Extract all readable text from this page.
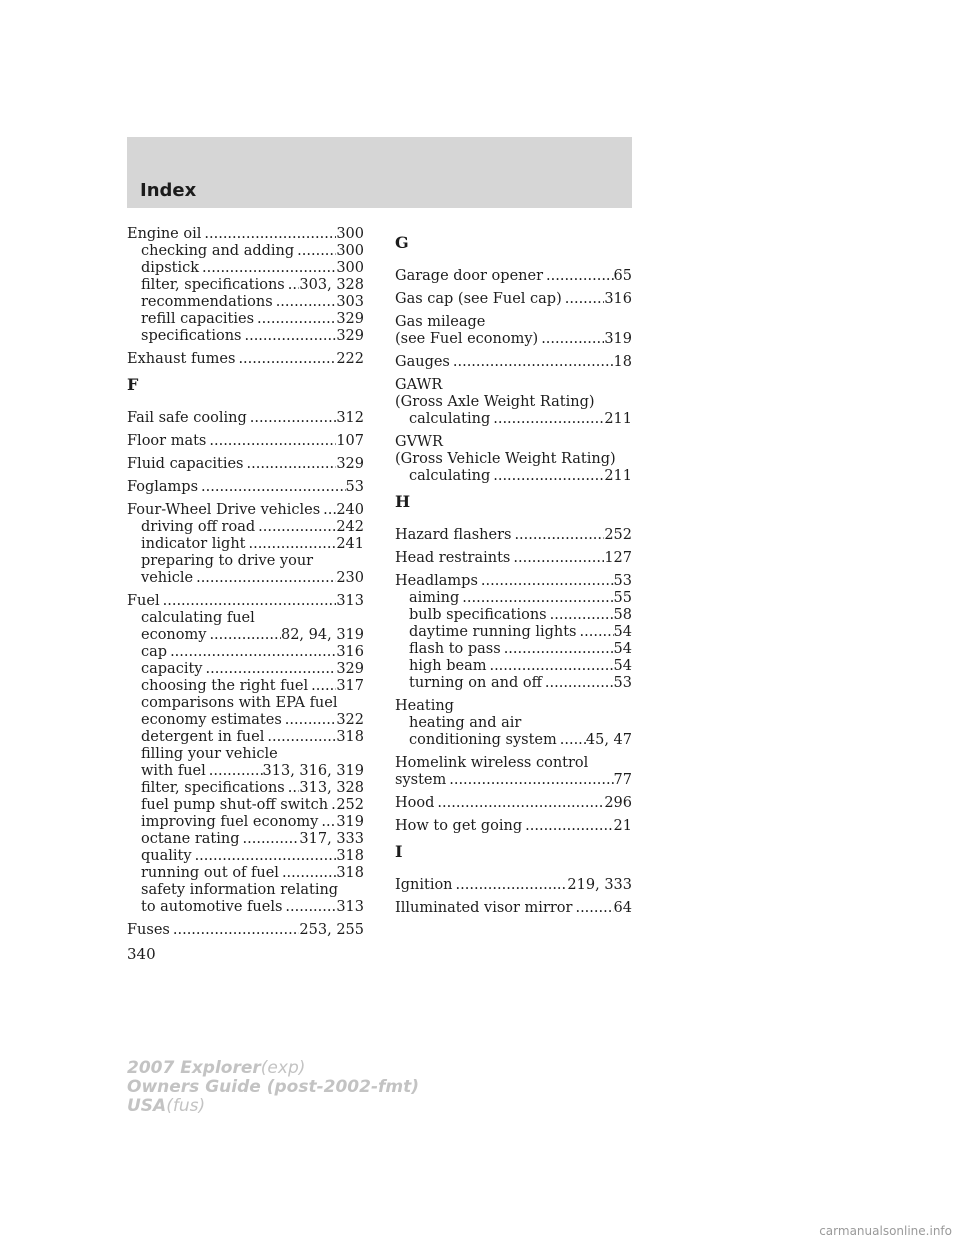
Index
Engine oil .....	300
checking and adding .....	300
dipstick .....	300
filter, specifications ..... 303, 328
recommendations .....	303
refill capacities .....	329
specifications .....	329
Exhaust fumes .....	222
F
Fail safe cooling .....	312
Floor mats .....	107
Fluid capacities .....	329
Foglamps .....	53
Four-Wheel Drive vehicles ..... 240
driving off road .....	242
indicator light .....	241
preparing to drive your
vehicle .....	230
Fuel .....	313
calculating fuel
economy .....	82, 94, 319
cap .....	316
capacity .....	329
choosing the right fuel ..... 317
comparisons with EPA fuel
economy estimates .....	322
detergent in fuel .....	318
filling your vehicle
with fuel .....	313, 316, 319
filter, specifications ..... 313, 328
fuel pump shut-off switch ..... 252
improving fuel economy ..... 319
octane rating .....	317, 333
quality .....	318
running out of fuel .....	318
safety information relating
to automotive fuels .....	313
Fuses .....	253, 255
G
Garage door opener .....	65
Gas cap (see Fuel cap) .....	316
Gas mileage
(see Fuel economy) .....	319
Gauges .....	18
GAWR
(Gross Axle Weight Rating)
calculating .....	211
GVWR
(Gross Vehicle Weight Rating)
calculating .....	211
H
Hazard flashers .....	252
Head restraints .....	127
Headlamps .....	53
aiming .....	55
bulb specifications .....	58
daytime running lights .....	54
flash to pass .....	54
high beam .....	54
turning on and off .....	53
Heating
heating and air
conditioning system ..... 45, 47
Homelink wireless control
system .....	77
Hood .....	296
How to get going .....	21
I
Ignition .....	219, 333
Illuminated visor mirror .....	64
340
2007 Explorer(exp)
Owners Guide (post-2002-fmt)
USA(fus)
carmanualsonline.info
